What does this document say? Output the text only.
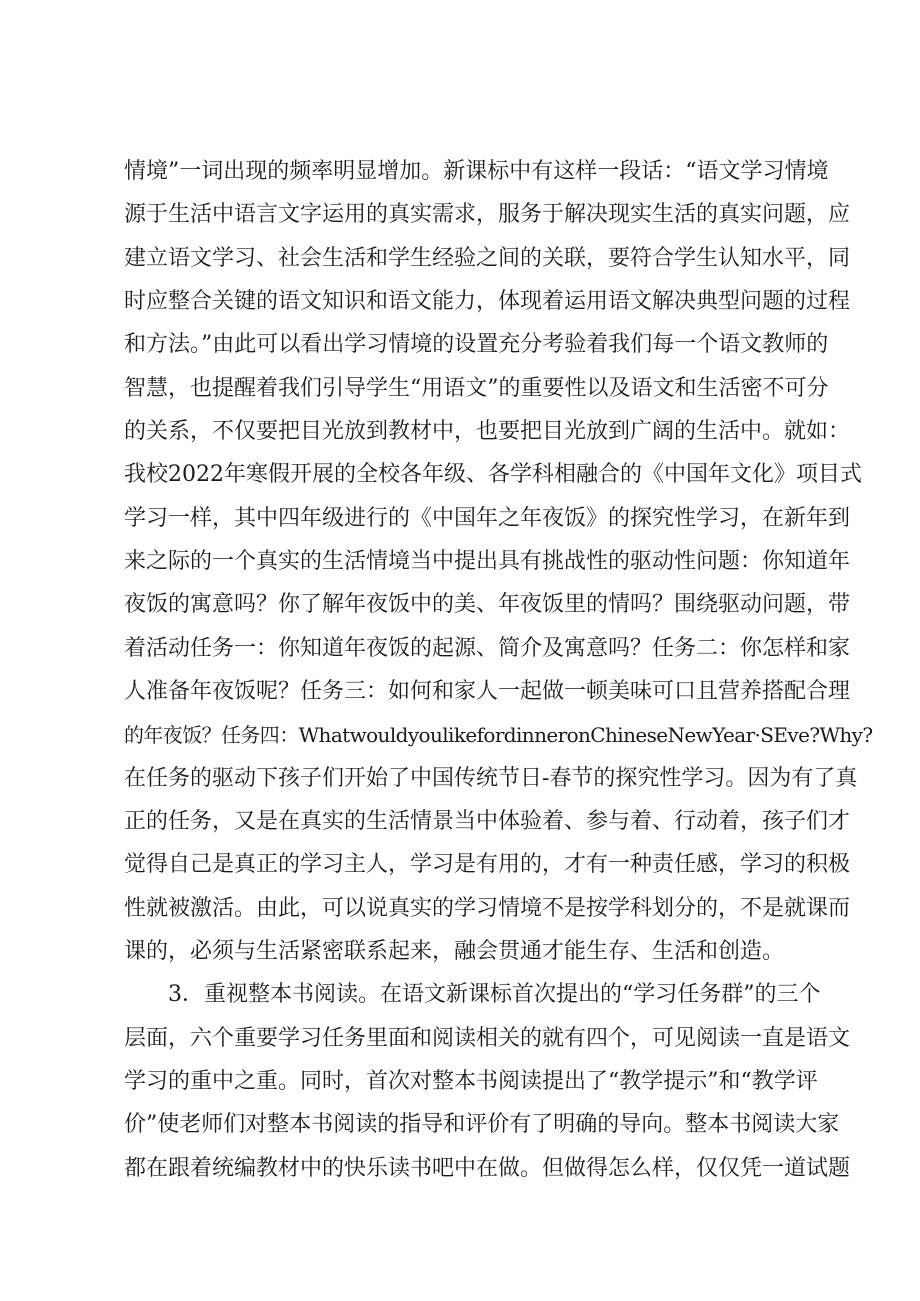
情境”一词出现的频率明显增加。新课标中有这样一段话：“语文学习情境
源于生活中语言文字运用的真实需求，服务于解决现实生活的真实问题，应
建立语文学习、社会生活和学生经验之间的关联，要符合学生认知水平，同
时应整合关键的语文知识和语文能力，体现着运用语文解决典型问题的过程
和方法。”由此可以看出学习情境的设置充分考验着我们每一个语文教师的
智慧，也提醒着我们引导学生“用语文”的重要性以及语文和生活密不可分
的关系，不仅要把目光放到教材中，也要把目光放到广阔的生活中。就如：
我校2022年寒假开展的全校各年级、各学科相融合的《中国年文化》项目式
学习一样，其中四年级进行的《中国年之年夜饭》的探究性学习，在新年到
来之际的一个真实的生活情境当中提出具有挑战性的驱动性问题：你知道年
夜饭的寓意吗？你了解年夜饭中的美、年夜饭里的情吗？围绕驱动问题，带
着活动任务一：你知道年夜饭的起源、简介及寓意吗？任务二：你怎样和家
人准备年夜饭呢？任务三：如何和家人一起做一顿美味可口且营养搭配合理
的年夜饭？任务四：WhatwouldyoulikefordinneronChineseNewYear·SEve?Why?
在任务的驱动下孩子们开始了中国传统节日-春节的探究性学习。因为有了真
正的任务，又是在真实的生活情景当中体验着、参与着、行动着，孩子们才
觉得自己是真正的学习主人，学习是有用的，才有一种责任感，学习的积极
性就被激活。由此，可以说真实的学习情境不是按学科划分的，不是就课而
课的，必须与生活紧密联系起来，融会贯通才能生存、生活和创造。
3．重视整本书阅读。在语文新课标首次提出的“学习任务群”的三个
层面，六个重要学习任务里面和阅读相关的就有四个，可见阅读一直是语文
学习的重中之重。同时，首次对整本书阅读提出了“教学提示”和“教学评
价”使老师们对整本书阅读的指导和评价有了明确的导向。整本书阅读大家
都在跟着统编教材中的快乐读书吧中在做。但做得怎么样，仅仅凭一道试题
